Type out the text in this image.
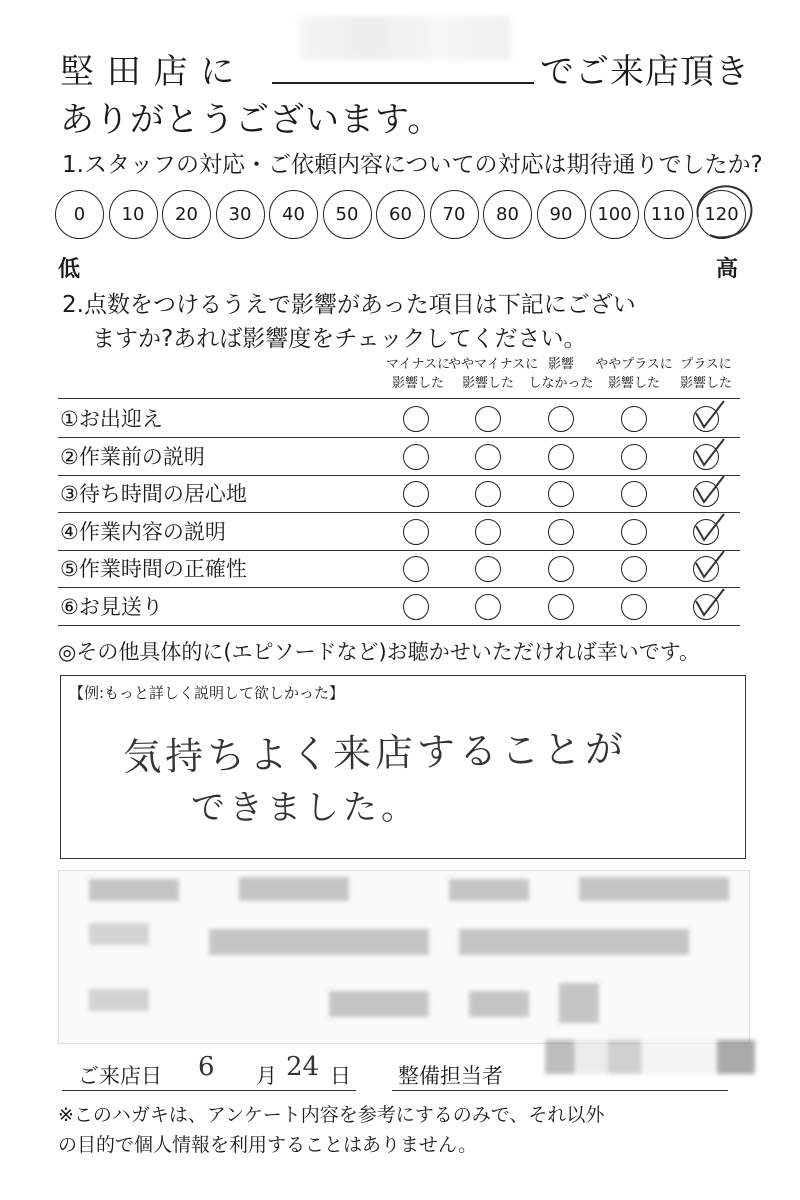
堅 田 店 に	でご来店頂き
ありがとうございます。
1.スタッフの対応・ご依頼内容についての対応は期待通りでしたか?
0 10 20 30 40 50 60 70 80 90 100 110 120
低	高
2.点数をつけるうえで影響があった項目は下記にござい
ますか?あれば影響度をチェックしてください。
マイナスに
影響した
ややマイナスに
影響した
影響
しなかった
ややプラスに
影響した
プラスに
影響した
①お出迎え
②作業前の説明
③待ち時間の居心地
④作業内容の説明
⑤作業時間の正確性
⑥お見送り
◎その他具体的に(エピソードなど)お聴かせいただければ幸いです。
【例:もっと詳しく説明して欲しかった】
気持ちよく来店することが
できました。
ご来店日 6 月 24 日 整備担当者
※このハガキは、アンケート内容を参考にするのみで、それ以外
の目的で個人情報を利用することはありません。
